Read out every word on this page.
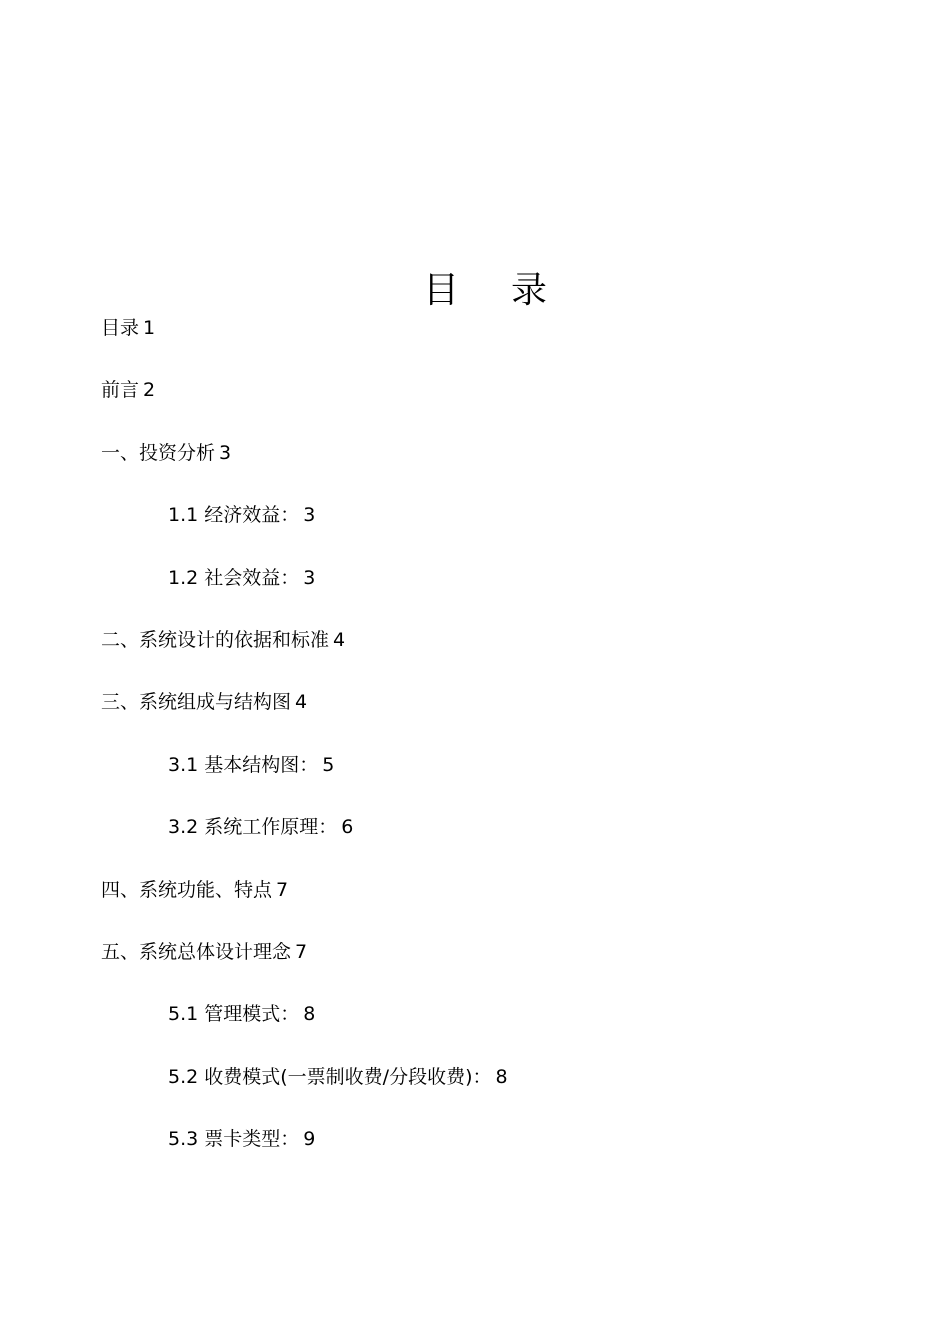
目 录
目录 1
前言 2
一、投资分析 3
1.1 经济效益： 3
1.2 社会效益： 3
二、系统设计的依据和标准 4
三、系统组成与结构图 4
3.1 基本结构图： 5
3.2 系统工作原理： 6
四、系统功能、特点 7
五、系统总体设计理念 7
5.1 管理模式： 8
5.2 收费模式(一票制收费/分段收费)： 8
5.3 票卡类型： 9
